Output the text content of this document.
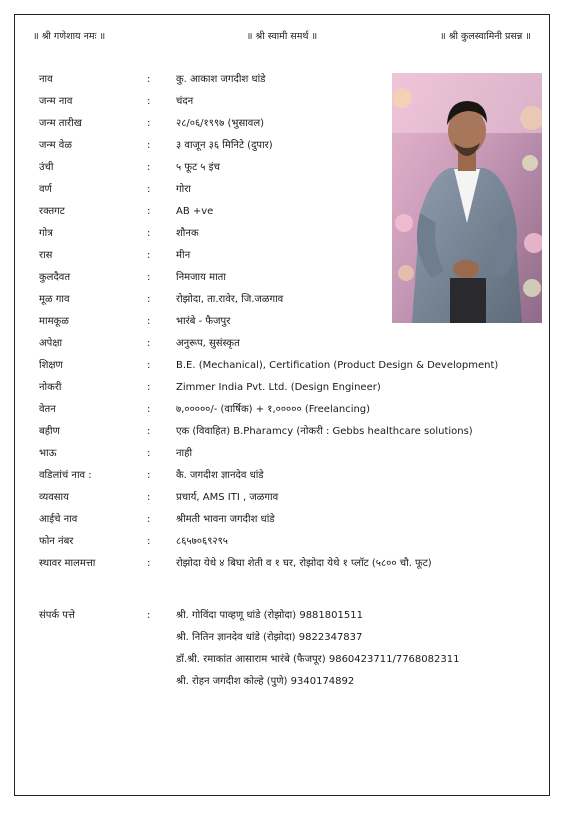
॥ श्री गणेशाय नमः ॥	॥ श्री स्वामी समर्थ ॥	॥ श्री कुलस्वामिनी प्रसन्न ॥
नाव	:	कु. आकाश जगदीश धांडे
जन्म नाव	:	चंदन
जन्म तारीख	:	२८/०६/१९९७ (भुसावल)
जन्म वेळ	:	३ वाजून ३६ मिनिटे (दुपार)
उंची	:	५ फूट ५ इंच
वर्ण	:	गोरा
रक्तगट	:	AB +ve
गोत्र	:	शौनक
रास	:	मीन
कुलदैवत	:	निमजाय माता
मूळ गाव	:	रोझोदा, ता.रावेर, जि.जळगाव
मामकूळ	:	भारंबे - फैजपुर
अपेक्षा	:	अनुरूप, सुसंस्कृत
शिक्षण	:	B.E. (Mechanical), Certification (Product Design & Development)
नोकरी	:	Zimmer India Pvt. Ltd. (Design Engineer)
वेतन	:	७,०००००/- (वार्षिक) + १,००००० (Freelancing)
बहीण	:	एक (विवाहित) B.Pharamcy (नोकरी : Gebbs healthcare solutions)
भाऊ	:	नाही
वडिलांचं नाव :	:	कै. जगदीश ज्ञानदेव धांडे
व्यवसाय	:	प्रचार्य, AMS ITI , जळगाव
आईचे नाव	:	श्रीमती भावना जगदीश धांडे
फोन नंबर	:	८६५७०६९२९५
स्थावर मालमत्ता	:	रोझोदा येथे ४ बिघा शेती व १ घर, रोझोदा येथे १ प्लॉट (५८०० चौ. फूट)
संपर्क पत्ते	:	श्री. गोविंदा पाव्हणू धांडे (रोझोदा) 9881801511
श्री. नितिन ज्ञानदेव धांडे (रोझोदा) 9822347837
डॉ.श्री. रमाकांत आसाराम भारंबे (फैजपूर) 9860423711/7768082311
श्री. रोहन जगदीश कोल्हे (पुणे) 9340174892
